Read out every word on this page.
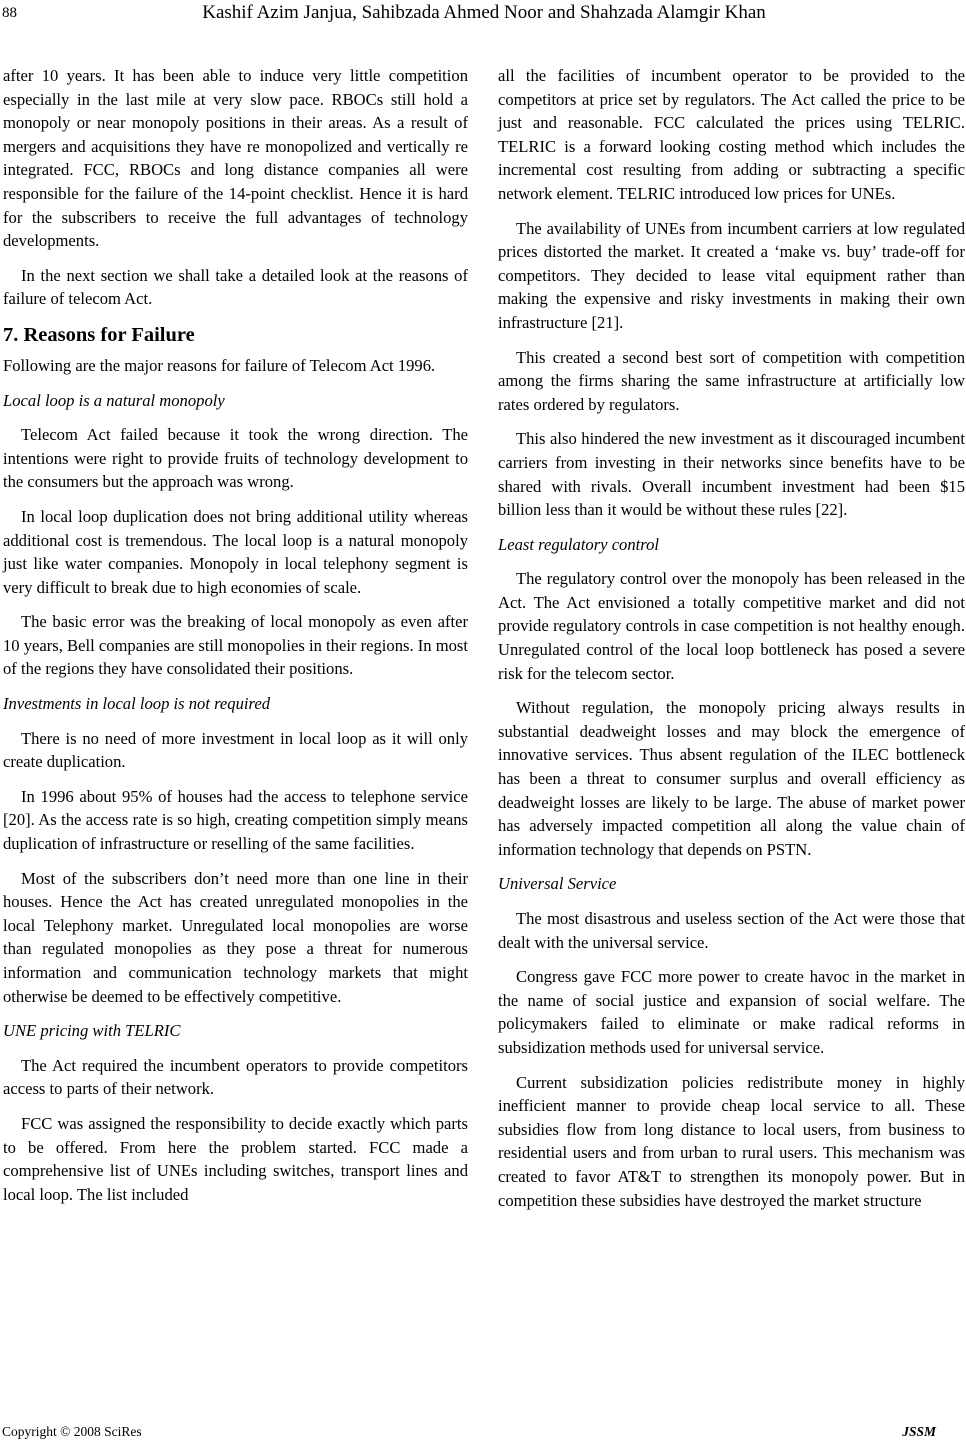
88	Kashif Azim Janjua, Sahibzada Ahmed Noor and Shahzada Alamgir Khan

after 10 years. It has been able to induce very little competition especially in the last mile at very slow pace. RBOCs still hold a monopoly or near monopoly positions in their areas. As a result of mergers and acquisitions they have re monopolized and vertically re integrated. FCC, RBOCs and long distance companies all were responsible for the failure of the 14-point checklist. Hence it is hard for the subscribers to receive the full advantages of technology developments.

In the next section we shall take a detailed look at the reasons of failure of telecom Act.

7. Reasons for Failure

Following are the major reasons for failure of Telecom Act 1996.

Local loop is a natural monopoly

Telecom Act failed because it took the wrong direction. The intentions were right to provide fruits of technology development to the consumers but the approach was wrong.

In local loop duplication does not bring additional utility whereas additional cost is tremendous. The local loop is a natural monopoly just like water companies. Monopoly in local telephony segment is very difficult to break due to high economies of scale.

The basic error was the breaking of local monopoly as even after 10 years, Bell companies are still monopolies in their regions. In most of the regions they have consolidated their positions.

Investments in local loop is not required

There is no need of more investment in local loop as it will only create duplication.

In 1996 about 95% of houses had the access to telephone service [20]. As the access rate is so high, creating competition simply means duplication of infrastructure or reselling of the same facilities.

Most of the subscribers don’t need more than one line in their houses. Hence the Act has created unregulated monopolies in the local Telephony market. Unregulated local monopolies are worse than regulated monopolies as they pose a threat for numerous information and communication technology markets that might otherwise be deemed to be effectively competitive.

UNE pricing with TELRIC

The Act required the incumbent operators to provide competitors access to parts of their network.

FCC was assigned the responsibility to decide exactly which parts to be offered. From here the problem started. FCC made a comprehensive list of UNEs including switches, transport lines and local loop. The list included

all the facilities of incumbent operator to be provided to the competitors at price set by regulators. The Act called the price to be just and reasonable. FCC calculated the prices using TELRIC. TELRIC is a forward looking costing method which includes the incremental cost resulting from adding or subtracting a specific network element. TELRIC introduced low prices for UNEs.

The availability of UNEs from incumbent carriers at low regulated prices distorted the market. It created a ‘make vs. buy’ trade-off for competitors. They decided to lease vital equipment rather than making the expensive and risky investments in making their own infrastructure [21].

This created a second best sort of competition with competition among the firms sharing the same infrastructure at artificially low rates ordered by regulators.

This also hindered the new investment as it discouraged incumbent carriers from investing in their networks since benefits have to be shared with rivals. Overall incumbent investment had been $15 billion less than it would be without these rules [22].

Least regulatory control

The regulatory control over the monopoly has been released in the Act. The Act envisioned a totally competitive market and did not provide regulatory controls in case competition is not healthy enough. Unregulated control of the local loop bottleneck has posed a severe risk for the telecom sector.

Without regulation, the monopoly pricing always results in substantial deadweight losses and may block the emergence of innovative services. Thus absent regulation of the ILEC bottleneck has been a threat to consumer surplus and overall efficiency as deadweight losses are likely to be large. The abuse of market power has adversely impacted competition all along the value chain of information technology that depends on PSTN.

Universal Service

The most disastrous and useless section of the Act were those that dealt with the universal service.

Congress gave FCC more power to create havoc in the market in the name of social justice and expansion of social welfare. The policymakers failed to eliminate or make radical reforms in subsidization methods used for universal service.

Current subsidization policies redistribute money in highly inefficient manner to provide cheap local service to all. These subsidies flow from long distance to local users, from business to residential users and from urban to rural users. This mechanism was created to favor AT&T to strengthen its monopoly power. But in competition these subsidies have destroyed the market structure

Copyright © 2008 SciRes	JSSM
